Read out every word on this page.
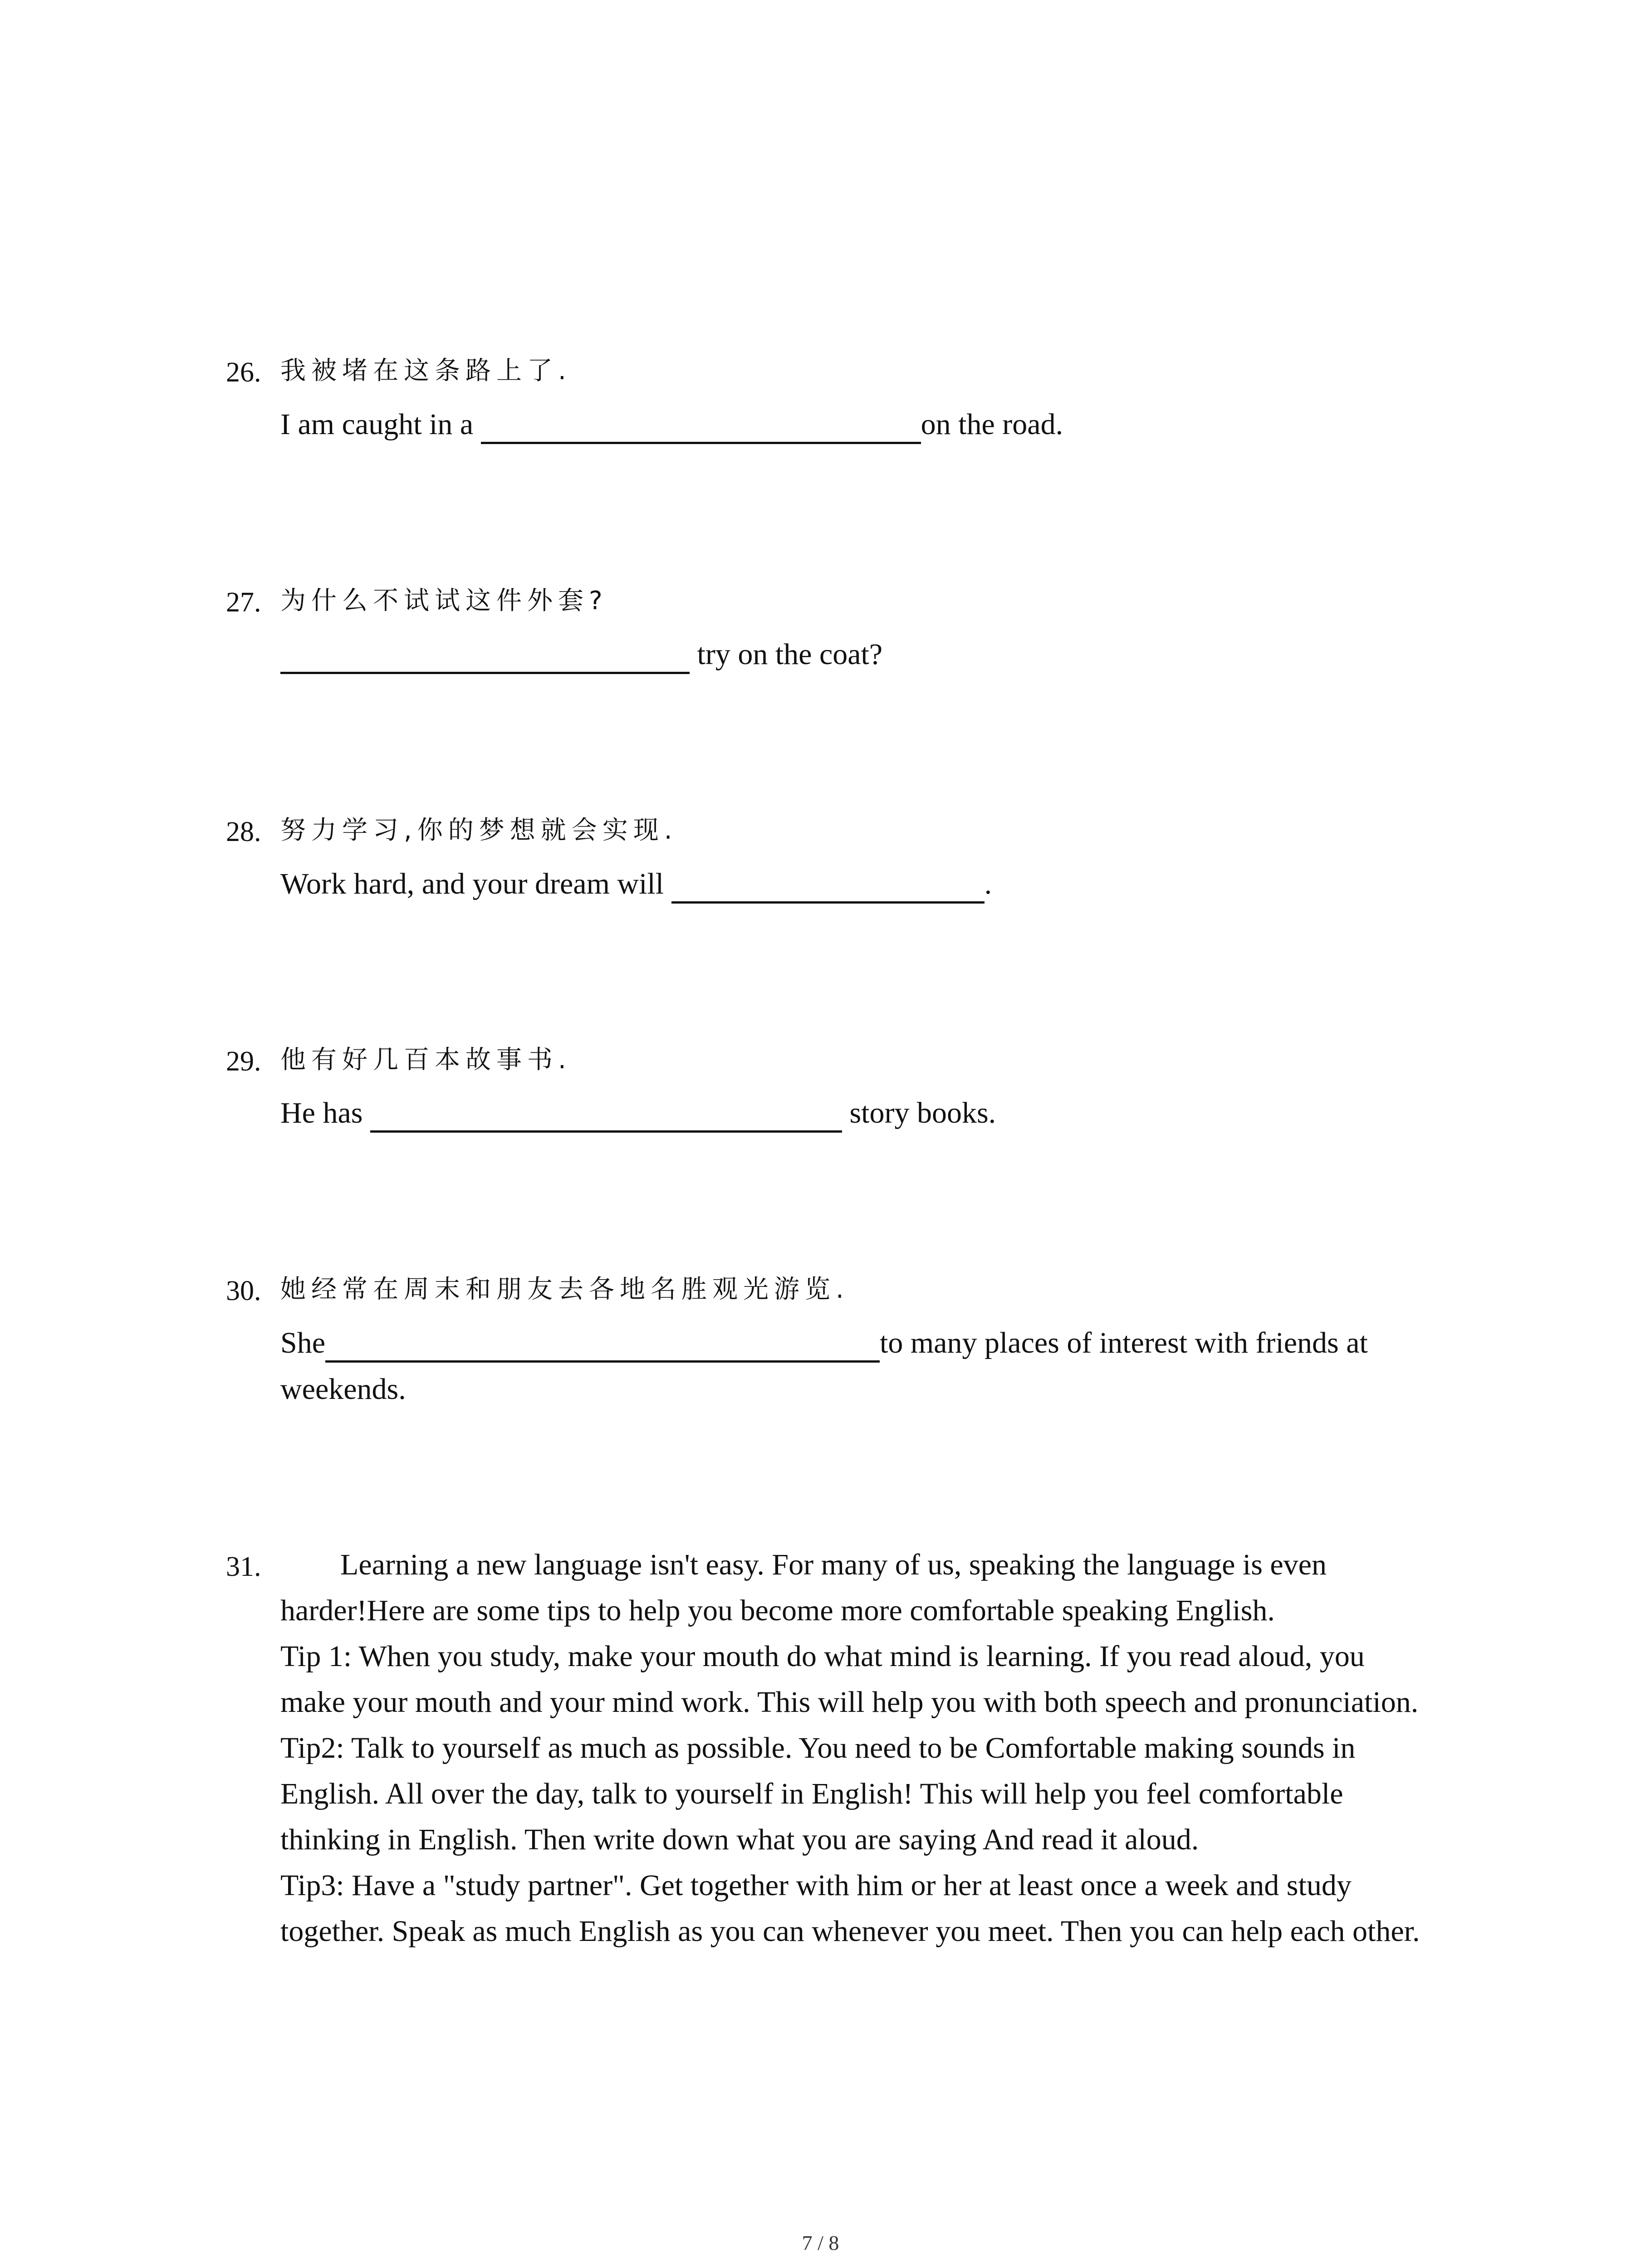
26. 我被堵在这条路上了.
I am caught in a	on the road.
27. 为什么不试试这件外套?
try on the coat?
28. 努力学习,你的梦想就会实现.
Work hard, and your dream will	.
29. 他有好几百本故事书.
He has	story books.
30. 她经常在周末和朋友去各地名胜观光游览.
She	to many places of interest with friends at
weekends.
31.	Learning a new language isn't easy. For many of us, speaking the language is even

harder!Here are some tips to help you become more comfortable speaking English.

Tip 1: When you study, make your mouth do what mind is learning. If you read aloud, you

make your mouth and your mind work. This will help you with both speech and pronunciation.

Tip2: Talk to yourself as much as possible. You need to be Comfortable making sounds in

English. All over the day, talk to yourself in English! This will help you feel comfortable

thinking in English. Then write down what you are saying And read it aloud.

Tip3: Have a "study partner". Get together with him or her at least once a week and study

together. Speak as much English as you can whenever you meet. Then you can help each other.

7 / 8
